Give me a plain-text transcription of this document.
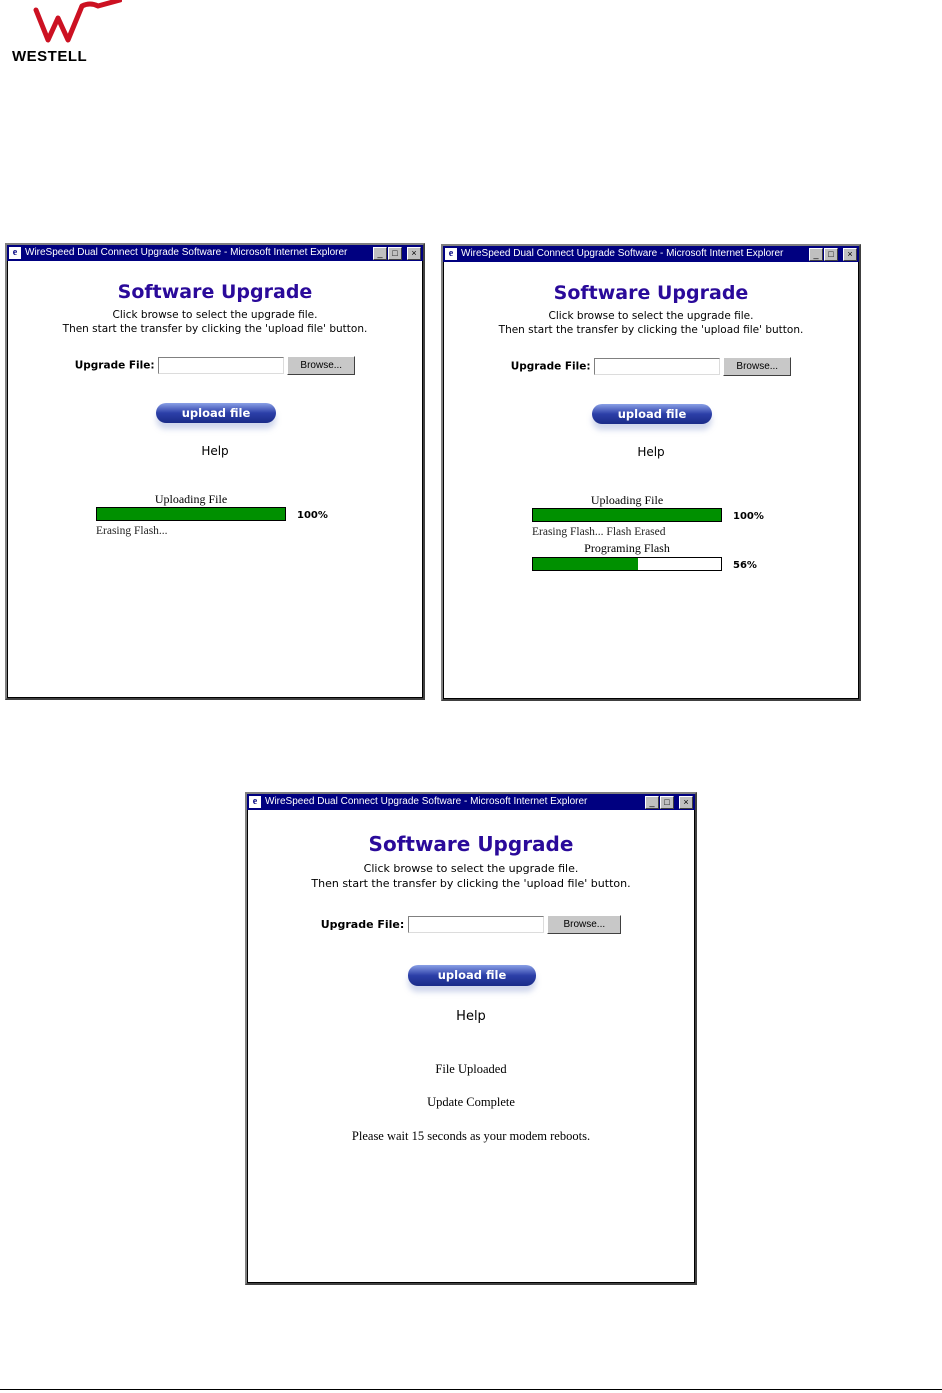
WESTELL
e WireSpeed Dual Connect Upgrade Software - Microsoft Internet Explorer	_	□	×
Software Upgrade
Click browse to select the upgrade file.
Then start the transfer by clicking the 'upload file' button.
Upgrade File:	Browse...
upload file
Help
Uploading File
100%
Erasing Flash...
e WireSpeed Dual Connect Upgrade Software - Microsoft Internet Explorer	_	□	×
Software Upgrade
Click browse to select the upgrade file.
Then start the transfer by clicking the 'upload file' button.
Upgrade File:	Browse...
upload file
Help
Uploading File
100%
Erasing Flash... Flash Erased
Programing Flash
56%
e WireSpeed Dual Connect Upgrade Software - Microsoft Internet Explorer	_	□	×
Software Upgrade
Click browse to select the upgrade file.
Then start the transfer by clicking the 'upload file' button.
Upgrade File:	Browse...
upload file
Help
File Uploaded
Update Complete
Please wait 15 seconds as your modem reboots.
